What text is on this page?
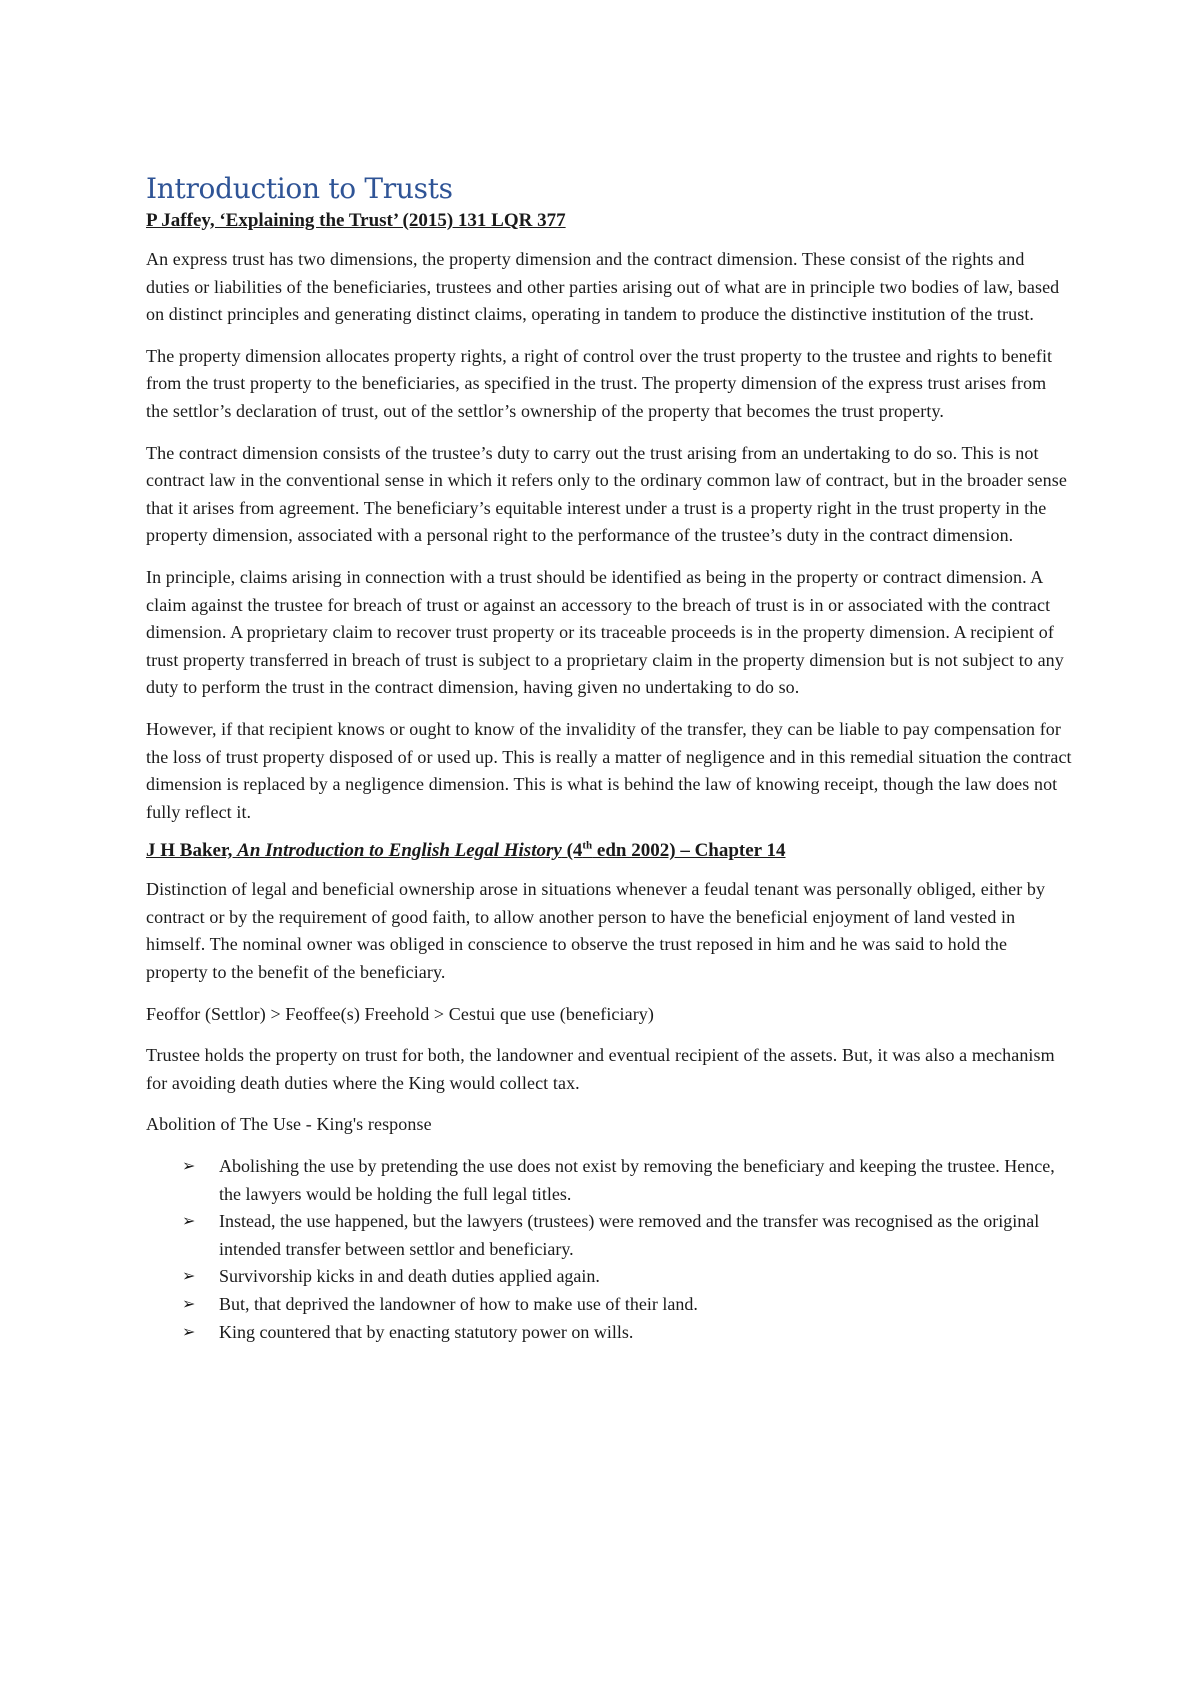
Introduction to Trusts

P Jaffey, ‘Explaining the Trust’ (2015) 131 LQR 377

An express trust has two dimensions, the property dimension and the contract dimension. These consist of the rights and duties or liabilities of the beneficiaries, trustees and other parties arising out of what are in principle two bodies of law, based on distinct principles and generating distinct claims, operating in tandem to produce the distinctive institution of the trust.

The property dimension allocates property rights, a right of control over the trust property to the trustee and rights to benefit from the trust property to the beneficiaries, as specified in the trust. The property dimension of the express trust arises from the settlor’s declaration of trust, out of the settlor’s ownership of the property that becomes the trust property.

The contract dimension consists of the trustee’s duty to carry out the trust arising from an undertaking to do so. This is not contract law in the conventional sense in which it refers only to the ordinary common law of contract, but in the broader sense that it arises from agreement. The beneficiary’s equitable interest under a trust is a property right in the trust property in the property dimension, associated with a personal right to the performance of the trustee’s duty in the contract dimension.

In principle, claims arising in connection with a trust should be identified as being in the property or contract dimension. A claim against the trustee for breach of trust or against an accessory to the breach of trust is in or associated with the contract dimension. A proprietary claim to recover trust property or its traceable proceeds is in the property dimension. A recipient of trust property transferred in breach of trust is subject to a proprietary claim in the property dimension but is not subject to any duty to perform the trust in the contract dimension, having given no undertaking to do so.

However, if that recipient knows or ought to know of the invalidity of the transfer, they can be liable to pay compensation for the loss of trust property disposed of or used up. This is really a matter of negligence and in this remedial situation the contract dimension is replaced by a negligence dimension. This is what is behind the law of knowing receipt, though the law does not fully reflect it.

J H Baker, An Introduction to English Legal History (4th edn 2002) – Chapter 14

Distinction of legal and beneficial ownership arose in situations whenever a feudal tenant was personally obliged, either by contract or by the requirement of good faith, to allow another person to have the beneficial enjoyment of land vested in himself. The nominal owner was obliged in conscience to observe the trust reposed in him and he was said to hold the property to the benefit of the beneficiary.

Feoffor (Settlor) > Feoffee(s) Freehold > Cestui que use (beneficiary)

Trustee holds the property on trust for both, the landowner and eventual recipient of the assets. But, it was also a mechanism for avoiding death duties where the King would collect tax.

Abolition of The Use - King's response

➢	Abolishing the use by pretending the use does not exist by removing the beneficiary and keeping the trustee. Hence, the lawyers would be holding the full legal titles.
➢	Instead, the use happened, but the lawyers (trustees) were removed and the transfer was recognised as the original intended transfer between settlor and beneficiary.
➢	Survivorship kicks in and death duties applied again.
➢	But, that deprived the landowner of how to make use of their land.
➢	King countered that by enacting statutory power on wills.
